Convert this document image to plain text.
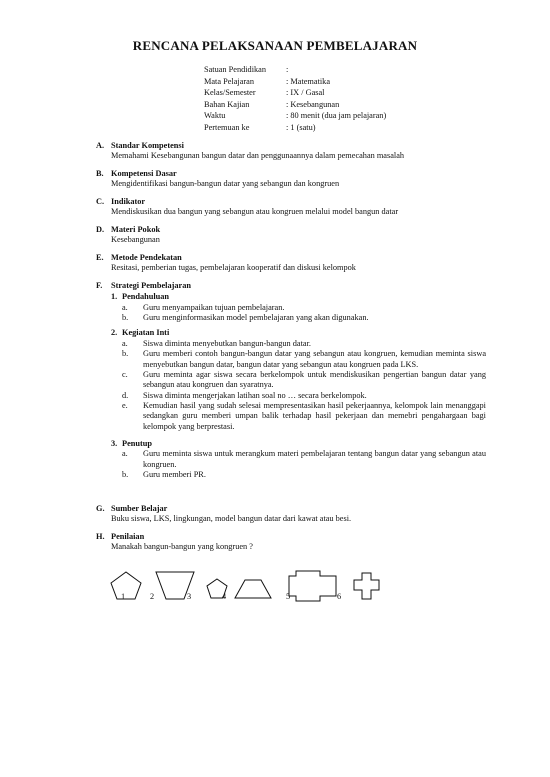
RENCANA PELAKSANAAN PEMBELAJARAN
Satuan Pendidikan	:
Mata Pelajaran	: Matematika
Kelas/Semester	: IX / Gasal
Bahan Kajian	: Kesebangunan
Waktu	: 80 menit (dua jam pelajaran)
Pertemuan ke	: 1 (satu)
A. Standar Kompetensi
Memahami Kesebangunan bangun datar dan penggunaannya dalam pemecahan masalah
B. Kompetensi Dasar
Mengidentifikasi bangun-bangun datar yang sebangun dan kongruen
C. Indikator
Mendiskusikan dua bangun yang sebangun atau kongruen melalui model bangun datar
D. Materi Pokok
Kesebangunan
E. Metode Pendekatan
Resitasi, pemberian tugas, pembelajaran kooperatif dan diskusi kelompok
F.	Strategi Pembelajaran
1. Pendahuluan
a.	Guru menyampaikan tujuan pembelajaran.
b.	Guru menginformasikan model pembelajaran yang akan digunakan.
2. Kegiatan Inti
a.	Siswa diminta menyebutkan bangun-bangun datar.
b.	Guru memberi contoh bangun-bangun datar yang sebangun atau kongruen, kemudian meminta siswa menyebutkan bangun datar, bangun datar yang sebangun atau kongruen pada LKS.
c.	Guru meminta agar siswa secara berkelompok untuk mendiskusikan pengertian bangun datar yang sebangun atau kongruen dan syaratnya.
d.	Siswa diminta mengerjakan latihan soal no … secara berkelompok.
e.	Kemudian hasil yang sudah selesai mempresentasikan hasil pekerjaannya, kelompok lain menanggapi sedangkan guru memberi umpan balik terhadap hasil pekerjaan dan memebri pengahargaan bagi kelompok yang berprestasi.
3. Penutup
a.	Guru meminta siswa untuk merangkum materi pembelajaran tentang bangun datar yang sebangun atau kongruen.
b.	Guru memberi PR.
G. Sumber Belajar
Buku siswa, LKS, lingkungan, model bangun datar dari kawat atau besi.
H. Penilaian
Manakah bangun-bangun yang kongruen ?
1	2	3	4	5	6
